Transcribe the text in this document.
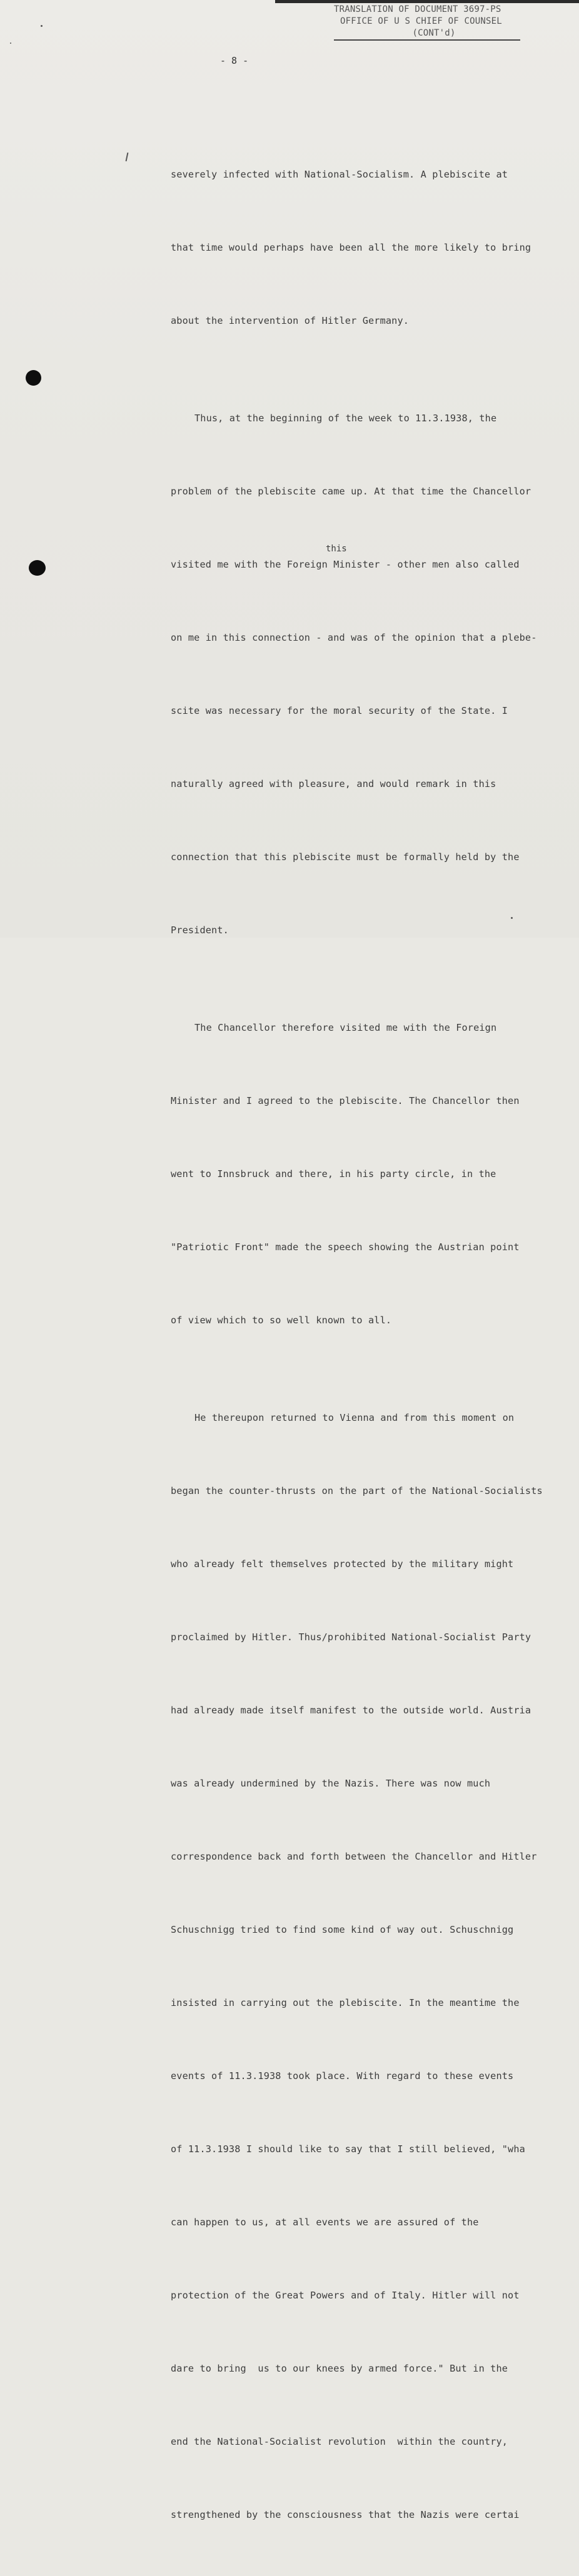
TRANSLATION OF DOCUMENT 3697-PS
OFFICE OF U S CHIEF OF COUNSEL
(CONT'd)
- 8 -
this

severely infected with National-Socialism. A plebiscite at

that time would perhaps have been all the more likely to bring

about the intervention of Hitler Germany.

Thus, at the beginning of the week to 11.3.1938, the

problem of the plebiscite came up. At that time the Chancellor

visited me with the Foreign Minister - other men also called

on me in this connection - and was of the opinion that a plebe-

scite was necessary for the moral security of the State. I

naturally agreed with pleasure, and would remark in this

connection that this plebiscite must be formally held by the

President.

The Chancellor therefore visited me with the Foreign

Minister and I agreed to the plebiscite. The Chancellor then

went to Innsbruck and there, in his party circle, in the

"Patriotic Front" made the speech showing the Austrian point

of view which to so well known to all.

He thereupon returned to Vienna and from this moment on

began the counter-thrusts on the part of the National-Socialists

who already felt themselves protected by the military might

proclaimed by Hitler. Thus/prohibited National-Socialist Party

had already made itself manifest to the outside world. Austria

was already undermined by the Nazis. There was now much

correspondence back and forth between the Chancellor and Hitler

Schuschnigg tried to find some kind of way out. Schuschnigg

insisted in carrying out the plebiscite. In the meantime the

events of 11.3.1938 took place. With regard to these events

of 11.3.1938 I should like to say that I still believed, "wha

can happen to us, at all events we are assured of the

protection of the Great Powers and of Italy. Hitler will not

dare to bring  us to our knees by armed force." But in the

end the National-Socialist revolution  within the country,

strengthened by the consciousness that the Nazis were certai
